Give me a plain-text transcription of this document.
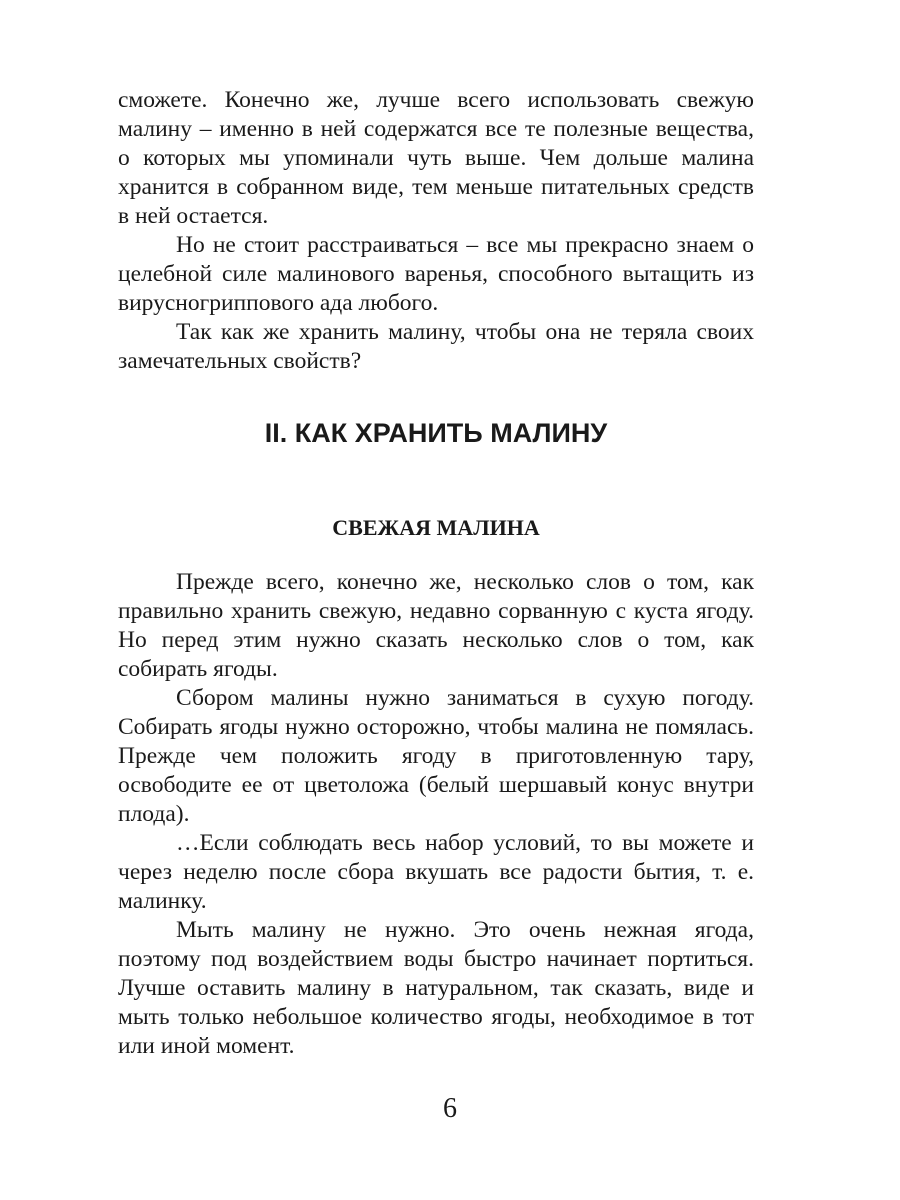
сможете. Конечно же, лучше всего использовать свежую малину – именно в ней содержатся все те полезные вещества, о которых мы упоминали чуть выше. Чем дольше малина хранится в собранном виде, тем меньше питательных средств в ней остается.

Но не стоит расстраиваться – все мы прекрасно знаем о целебной силе малинового варенья, способного вытащить из вирусногриппового ада любого.

Так как же хранить малину, чтобы она не теряла своих замечательных свойств?

II. КАК ХРАНИТЬ МАЛИНУ
СВЕЖАЯ МАЛИНА

Прежде всего, конечно же, несколько слов о том, как правильно хранить свежую, недавно сорванную с куста ягоду. Но перед этим нужно сказать несколько слов о том, как собирать ягоды.

Сбором малины нужно заниматься в сухую погоду. Собирать ягоды нужно осторожно, чтобы малина не помялась. Прежде чем положить ягоду в приготовленную тару, освободите ее от цветоложа (белый шершавый конус внутри плода).

…Если соблюдать весь набор условий, то вы можете и через неделю после сбора вкушать все радости бытия, т. е. малинку.

Мыть малину не нужно. Это очень нежная ягода, поэтому под воздействием воды быстро начинает портиться. Лучше оставить малину в натуральном, так сказать, виде и мыть только небольшое количество ягоды, необходимое в тот или иной момент.

6
